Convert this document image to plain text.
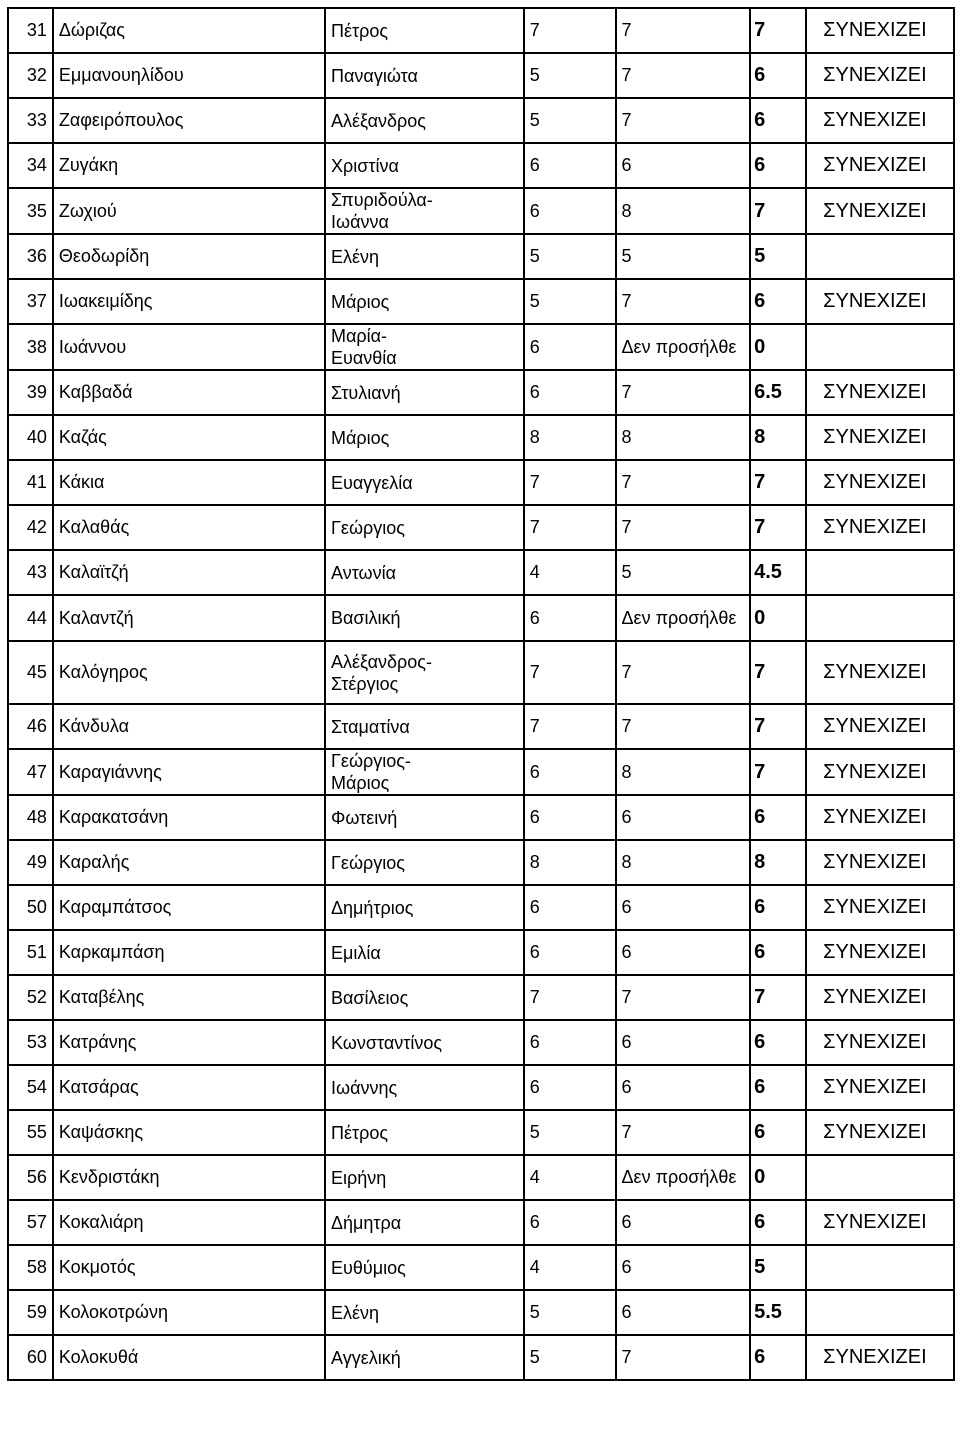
31	Δώριζας	Πέτρος	7	7	7	ΣΥΝΕΧΙΖΕΙ
32	Εμμανουηλίδου	Παναγιώτα	5	7	6	ΣΥΝΕΧΙΖΕΙ
33	Ζαφειρόπουλος	Αλέξανδρος	5	7	6	ΣΥΝΕΧΙΖΕΙ
34	Ζυγάκη	Χριστίνα	6	6	6	ΣΥΝΕΧΙΖΕΙ
35	Ζωχιού	Σπυριδούλα-
Ιωάννα	6	8	7	ΣΥΝΕΧΙΖΕΙ
36	Θεοδωρίδη	Ελένη	5	5	5	
37	Ιωακειμίδης	Μάριος	5	7	6	ΣΥΝΕΧΙΖΕΙ
38	Ιωάννου	Μαρία-
Ευανθία	6	Δεν προσήλθε	0	
39	Καββαδά	Στυλιανή	6	7	6.5	ΣΥΝΕΧΙΖΕΙ
40	Καζάς	Μάριος	8	8	8	ΣΥΝΕΧΙΖΕΙ
41	Κάκια	Ευαγγελία	7	7	7	ΣΥΝΕΧΙΖΕΙ
42	Καλαθάς	Γεώργιος	7	7	7	ΣΥΝΕΧΙΖΕΙ
43	Καλαϊτζή	Αντωνία	4	5	4.5	
44	Καλαντζή	Βασιλική	6	Δεν προσήλθε	0	
45	Καλόγηρος	Αλέξανδρος-
Στέργιος	7	7	7	ΣΥΝΕΧΙΖΕΙ
46	Κάνδυλα	Σταματίνα	7	7	7	ΣΥΝΕΧΙΖΕΙ
47	Καραγιάννης	Γεώργιος-
Μάριος	6	8	7	ΣΥΝΕΧΙΖΕΙ
48	Καρακατσάνη	Φωτεινή	6	6	6	ΣΥΝΕΧΙΖΕΙ
49	Καραλής	Γεώργιος	8	8	8	ΣΥΝΕΧΙΖΕΙ
50	Καραμπάτσος	Δημήτριος	6	6	6	ΣΥΝΕΧΙΖΕΙ
51	Καρκαμπάση	Εμιλία	6	6	6	ΣΥΝΕΧΙΖΕΙ
52	Καταβέλης	Βασίλειος	7	7	7	ΣΥΝΕΧΙΖΕΙ
53	Κατράνης	Κωνσταντίνος	6	6	6	ΣΥΝΕΧΙΖΕΙ
54	Κατσάρας	Ιωάννης	6	6	6	ΣΥΝΕΧΙΖΕΙ
55	Καψάσκης	Πέτρος	5	7	6	ΣΥΝΕΧΙΖΕΙ
56	Κενδριστάκη	Ειρήνη	4	Δεν προσήλθε	0	
57	Κοκαλιάρη	Δήμητρα	6	6	6	ΣΥΝΕΧΙΖΕΙ
58	Κοκμοτός	Ευθύμιος	4	6	5	
59	Κολοκοτρώνη	Ελένη	5	6	5.5	
60	Κολοκυθά	Αγγελική	5	7	6	ΣΥΝΕΧΙΖΕΙ
